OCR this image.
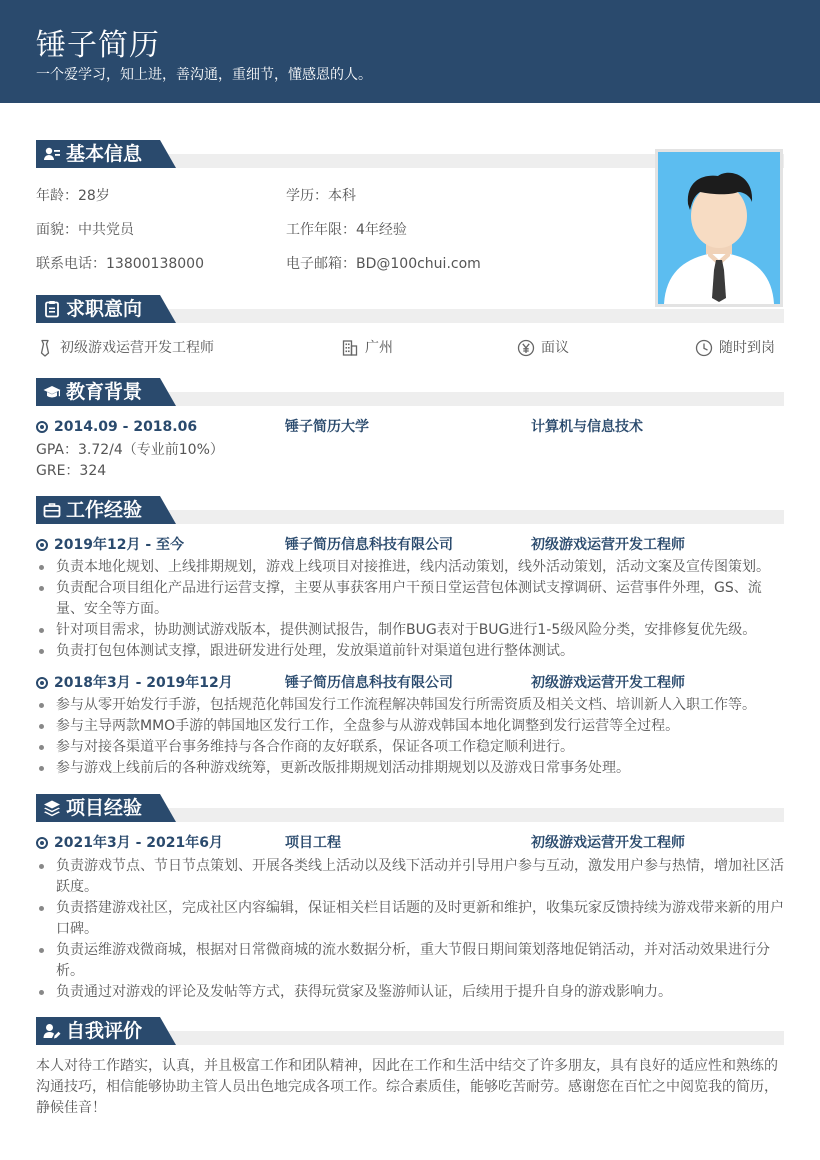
锤子简历
一个爱学习，知上进，善沟通，重细节，懂感恩的人。
基本信息
年龄：28岁	学历：本科
面貌：中共党员	工作年限：4年经验
联系电话：13800138000	电子邮箱：BD@100chui.com
求职意向
初级游戏运营开发工程师	广州	面议	随时到岗
教育背景
2014.09 - 2018.06	锤子简历大学	计算机与信息技术
GPA：3.72/4（专业前10%）
GRE：324
工作经验
2019年12月 - 至今	锤子简历信息科技有限公司	初级游戏运营开发工程师
负责本地化规划、上线排期规划，游戏上线项目对接推进，线内活动策划，线外活动策划，活动文案及宣传图策划。
负责配合项目组化产品进行运营支撑，主要从事获客用户干预日堂运营包体测试支撑调研、运营事件外理，GS、流量、安全等方面。
针对项目需求，协助测试游戏版本，提供测试报告，制作BUG表对于BUG进行1-5级风险分类，安排修复优先级。
负责打包包体测试支撑，跟进研发进行处理，发放渠道前针对渠道包进行整体测试。
2018年3月 - 2019年12月	锤子简历信息科技有限公司	初级游戏运营开发工程师
参与从零开始发行手游，包括规范化韩国发行工作流程解决韩国发行所需资质及相关文档、培训新人入职工作等。
参与主导两款MMO手游的韩国地区发行工作，全盘参与从游戏韩国本地化调整到发行运营等全过程。
参与对接各渠道平台事务维持与各合作商的友好联系，保证各项工作稳定顺利进行。
参与游戏上线前后的各种游戏统筹，更新改版排期规划活动排期规划以及游戏日常事务处理。
项目经验
2021年3月 - 2021年6月	项目工程	初级游戏运营开发工程师
负责游戏节点、节日节点策划、开展各类线上活动以及线下活动并引导用户参与互动，激发用户参与热情，增加社区活跃度。
负责搭建游戏社区，完成社区内容编辑，保证相关栏目话题的及时更新和维护，收集玩家反馈持续为游戏带来新的用户口碑。
负责运维游戏微商城，根据对日常微商城的流水数据分析，重大节假日期间策划落地促销活动，并对活动效果进行分析。
负责通过对游戏的评论及发帖等方式，获得玩赏家及鉴游师认证，后续用于提升自身的游戏影响力。
自我评价
本人对待工作踏实，认真，并且极富工作和团队精神，因此在工作和生活中结交了许多朋友，具有良好的适应性和熟练的沟通技巧，相信能够协助主管人员出色地完成各项工作。综合素质佳，能够吃苦耐劳。感谢您在百忙之中阅览我的简历，静候佳音！
